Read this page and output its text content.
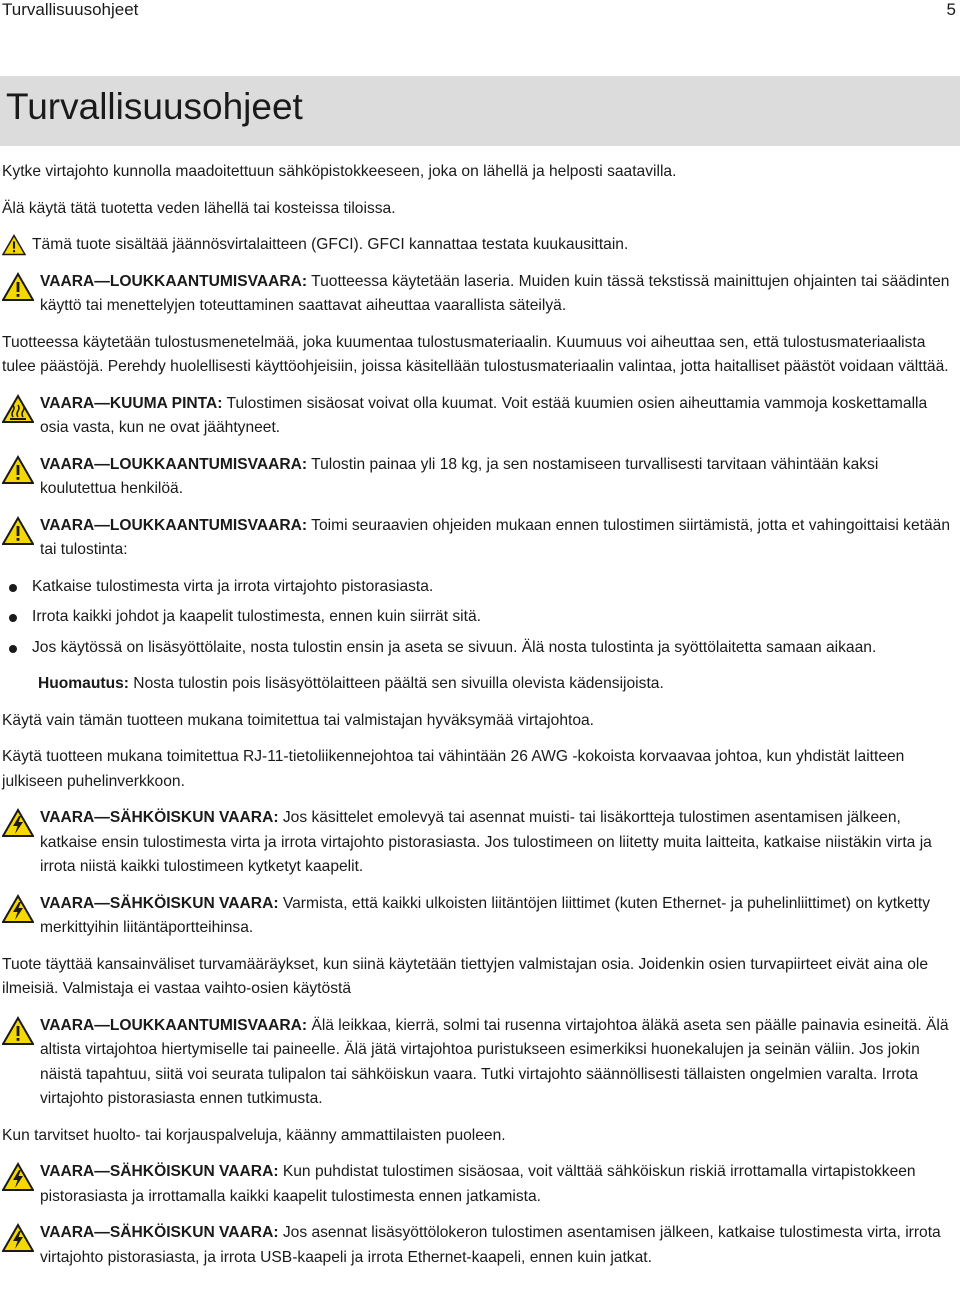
Turvallisuusohjeet	5
Turvallisuusohjeet

Kytke virtajohto kunnolla maadoitettuun sähköpistokkeeseen, joka on lähellä ja helposti saatavilla.

Älä käytä tätä tuotetta veden lähellä tai kosteissa tiloissa.

Tämä tuote sisältää jäännösvirtalaitteen (GFCI). GFCI kannattaa testata kuukausittain.
VAARA—LOUKKAANTUMISVAARA: Tuotteessa käytetään laseria. Muiden kuin tässä tekstissä mainittujen ohjainten tai säädinten käyttö tai menettelyjen toteuttaminen saattavat aiheuttaa vaarallista säteilyä.

Tuotteessa käytetään tulostusmenetelmää, joka kuumentaa tulostusmateriaalin. Kuumuus voi aiheuttaa sen, että tulostusmateriaalista tulee päästöjä. Perehdy huolellisesti käyttöohjeisiin, joissa käsitellään tulostusmateriaalin valintaa, jotta haitalliset päästöt voidaan välttää.

VAARA—KUUMA PINTA: Tulostimen sisäosat voivat olla kuumat. Voit estää kuumien osien aiheuttamia vammoja koskettamalla osia vasta, kun ne ovat jäähtyneet.
VAARA—LOUKKAANTUMISVAARA: Tulostin painaa yli 18 kg, ja sen nostamiseen turvallisesti tarvitaan vähintään kaksi koulutettua henkilöä.
VAARA—LOUKKAANTUMISVAARA: Toimi seuraavien ohjeiden mukaan ennen tulostimen siirtämistä, jotta et vahingoittaisi ketään tai tulostinta:
Katkaise tulostimesta virta ja irrota virtajohto pistorasiasta.
Irrota kaikki johdot ja kaapelit tulostimesta, ennen kuin siirrät sitä.
Jos käytössä on lisäsyöttölaite, nosta tulostin ensin ja aseta se sivuun. Älä nosta tulostinta ja syöttölaitetta samaan aikaan.

Huomautus: Nosta tulostin pois lisäsyöttölaitteen päältä sen sivuilla olevista kädensijoista.

Käytä vain tämän tuotteen mukana toimitettua tai valmistajan hyväksymää virtajohtoa.

Käytä tuotteen mukana toimitettua RJ-11-tietoliikennejohtoa tai vähintään 26 AWG -kokoista korvaavaa johtoa, kun yhdistät laitteen julkiseen puhelinverkkoon.

VAARA—SÄHKÖISKUN VAARA: Jos käsittelet emolevyä tai asennat muisti- tai lisäkortteja tulostimen asentamisen jälkeen, katkaise ensin tulostimesta virta ja irrota virtajohto pistorasiasta. Jos tulostimeen on liitetty muita laitteita, katkaise niistäkin virta ja irrota niistä kaikki tulostimeen kytketyt kaapelit.
VAARA—SÄHKÖISKUN VAARA: Varmista, että kaikki ulkoisten liitäntöjen liittimet (kuten Ethernet- ja puhelinliittimet) on kytketty merkittyihin liitäntäportteihinsa.

Tuote täyttää kansainväliset turvamääräykset, kun siinä käytetään tiettyjen valmistajan osia. Joidenkin osien turvapiirteet eivät aina ole ilmeisiä. Valmistaja ei vastaa vaihto-osien käytöstä

VAARA—LOUKKAANTUMISVAARA: Älä leikkaa, kierrä, solmi tai rusenna virtajohtoa äläkä aseta sen päälle painavia esineitä. Älä altista virtajohtoa hiertymiselle tai paineelle. Älä jätä virtajohtoa puristukseen esimerkiksi huonekalujen ja seinän väliin. Jos jokin näistä tapahtuu, siitä voi seurata tulipalon tai sähköiskun vaara. Tutki virtajohto säännöllisesti tällaisten ongelmien varalta. Irrota virtajohto pistorasiasta ennen tutkimusta.

Kun tarvitset huolto- tai korjauspalveluja, käänny ammattilaisten puoleen.

VAARA—SÄHKÖISKUN VAARA: Kun puhdistat tulostimen sisäosaa, voit välttää sähköiskun riskiä irrottamalla virtapistokkeen pistorasiasta ja irrottamalla kaikki kaapelit tulostimesta ennen jatkamista.
VAARA—SÄHKÖISKUN VAARA: Jos asennat lisäsyöttölokeron tulostimen asentamisen jälkeen, katkaise tulostimesta virta, irrota virtajohto pistorasiasta, ja irrota USB-kaapeli ja irrota Ethernet-kaapeli, ennen kuin jatkat.
